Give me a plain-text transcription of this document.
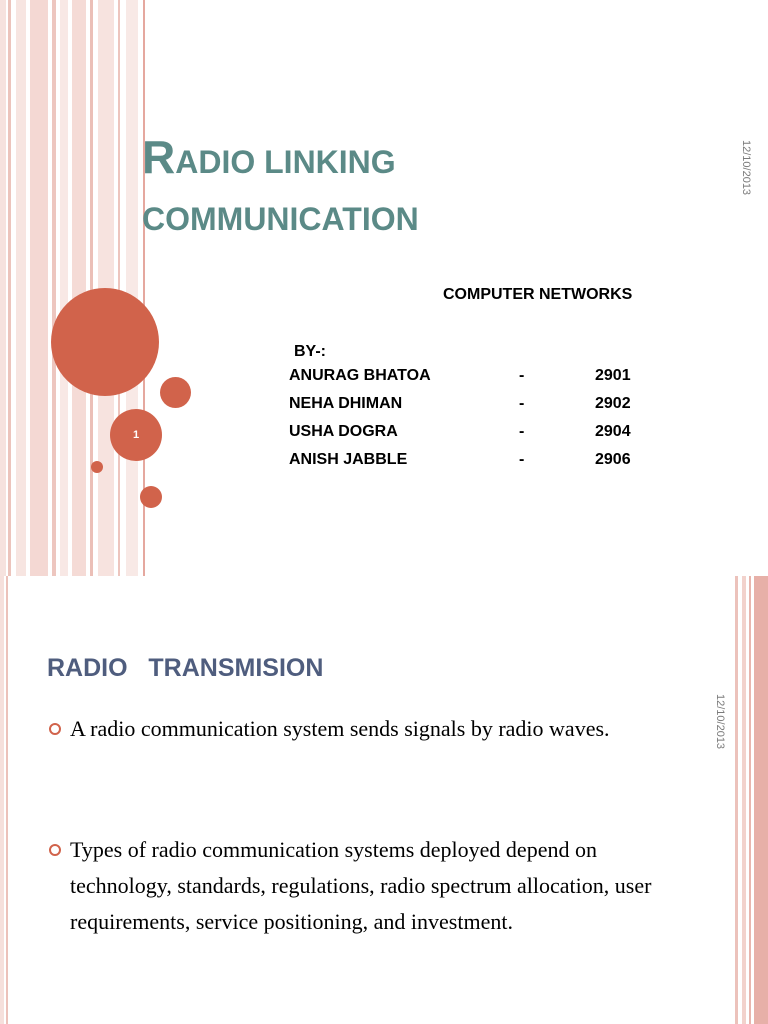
1
RADIO LINKING
COMMUNICATION
COMPUTER NETWORKS
BY-:
ANURAG BHATOA	-	2901
NEHA DHIMAN	-	2902
USHA DOGRA	-	2904
ANISH JABBLE	-	2906
12/10/2013
RADIO   TRANSMISION
12/10/2013
A radio communication system sends signals by radio waves.
Types of radio communication systems deployed depend on technology, standards, regulations, radio spectrum allocation, user requirements, service positioning, and investment.
